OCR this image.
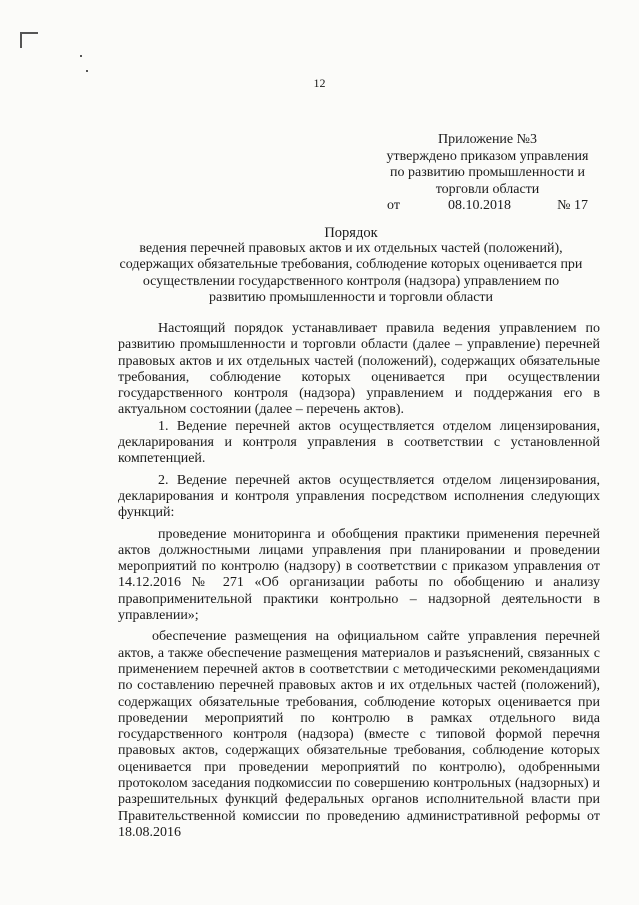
12
Приложение №3
утверждено приказом управления
по развитию промышленности и
торговли области
от	08.10.2018	№ 17
Порядок
ведения перечней правовых актов и их отдельных частей (положений),
содержащих обязательные требования, соблюдение которых оценивается при
осуществлении государственного контроля (надзора) управлением по
развитию промышленности и торговли области

Настоящий порядок устанавливает правила ведения управлением по развитию промышленности и торговли области (далее – управление) перечней правовых актов и их отдельных частей (положений), содержащих обязательные требования, соблюдение которых оценивается при осуществлении государственного контроля (надзора) управлением и поддержания его в актуальном состоянии (далее – перечень актов).

1. Ведение перечней актов осуществляется отделом лицензирования, декларирования и контроля управления в соответствии с установленной компетенцией.

2. Ведение перечней актов осуществляется отделом лицензирования, декларирования и контроля управления посредством исполнения следующих функций:

проведение мониторинга и обобщения практики применения перечней актов должностными лицами управления при планировании и проведении мероприятий по контролю (надзору) в соответствии с приказом управления от 14.12.2016 № 271 «Об организации работы по обобщению и анализу правоприменительной практики контрольно – надзорной деятельности в управлении»;

обеспечение размещения на официальном сайте управления перечней актов, а также обеспечение размещения материалов и разъяснений, связанных с применением перечней актов в соответствии с методическими рекомендациями по составлению перечней правовых актов и их отдельных частей (положений), содержащих обязательные требования, соблюдение которых оценивается при проведении мероприятий по контролю в рамках отдельного вида государственного контроля (надзора) (вместе с типовой формой перечня правовых актов, содержащих обязательные требования, соблюдение которых оценивается при проведении мероприятий по контролю), одобренными протоколом заседания подкомиссии по совершению контрольных (надзорных) и разрешительных функций федеральных органов исполнительной власти при Правительственной комиссии по проведению административной реформы от 18.08.2016
